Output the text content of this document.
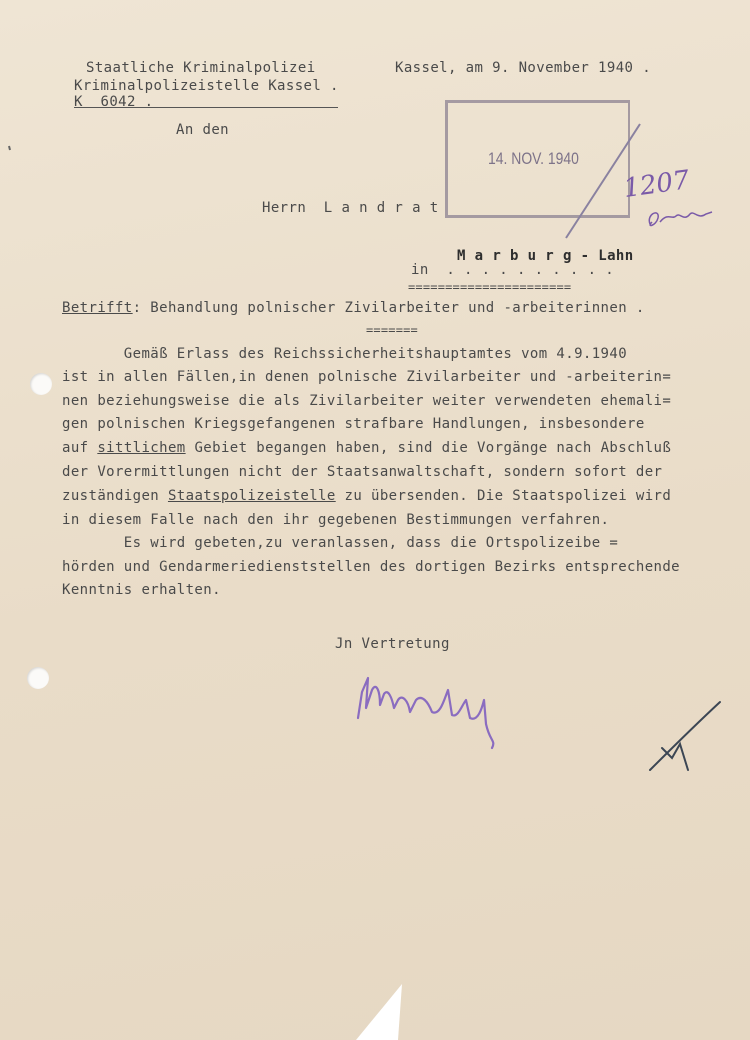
Staatliche Kriminalpolizei

Kriminalpolizeistelle Kassel .

K  6042 .

Kassel, am 9. November 1940 .

14. NOV. 1940

An den

Herrn  L a n d r a t

M a r b u r g - Lahn

in  . . . . . . . . . .

======================

Betrifft: Behandlung polnischer Zivilarbeiter und -arbeiterinnen .

=======

Gemäß Erlass des Reichssicherheitshauptamtes vom 4.9.1940

ist in allen Fällen,in denen polnische Zivilarbeiter und -arbeiterin=

nen beziehungsweise die als Zivilarbeiter weiter verwendeten ehemali=

gen polnischen Kriegsgefangenen strafbare Handlungen, insbesondere

auf sittlichem Gebiet begangen haben, sind die Vorgänge nach Abschluß

der Vorermittlungen nicht der Staatsanwaltschaft, sondern sofort der

zuständigen Staatspolizeistelle zu übersenden. Die Staatspolizei wird

in diesem Falle nach den ihr gegebenen Bestimmungen verfahren.

Es wird gebeten,zu veranlassen, dass die Ortspolizeibe =

hörden und Gendarmeriedienststellen des dortigen Bezirks entsprechende

Kenntnis erhalten.

Jn Vertretung

1207
